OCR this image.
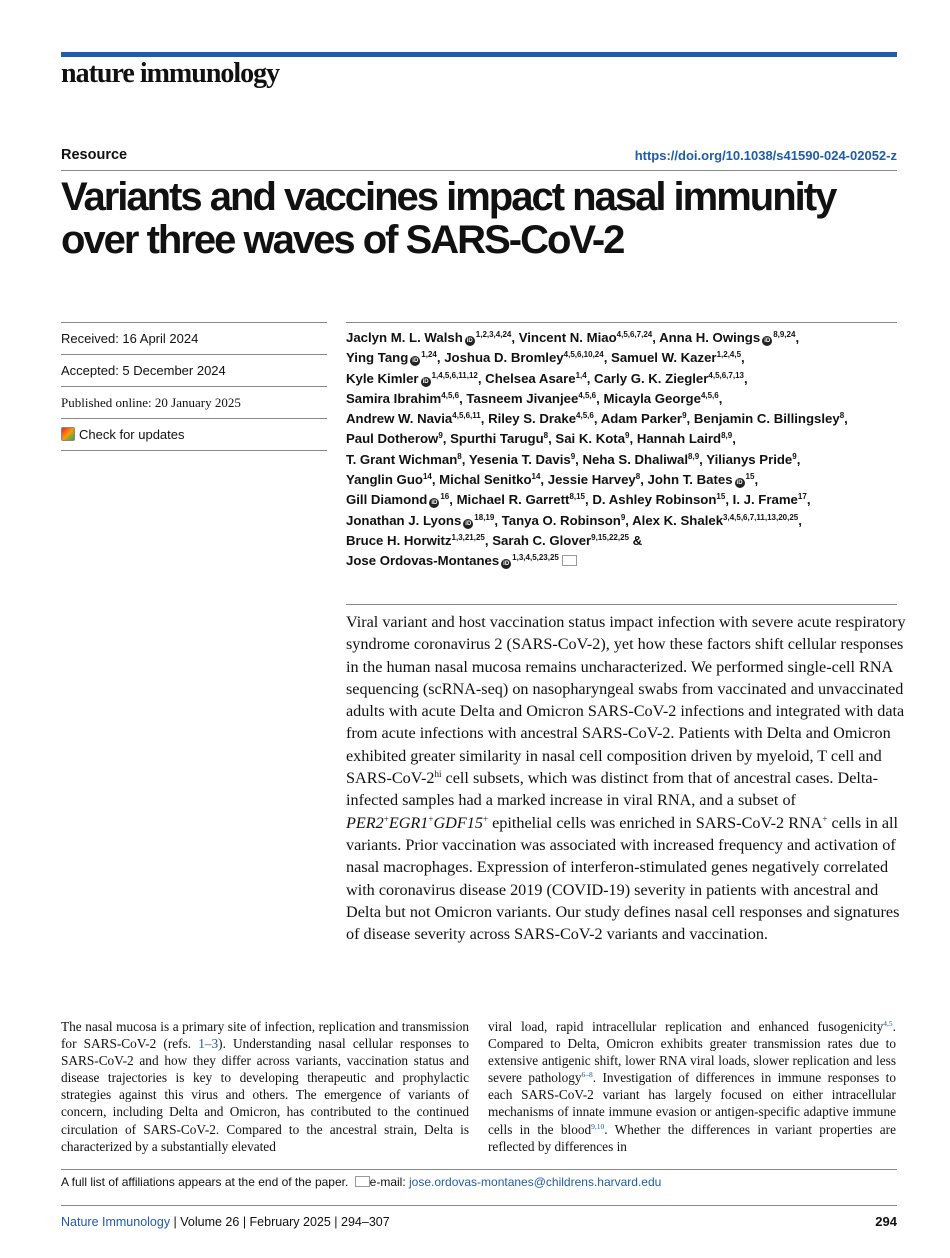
nature immunology
Resource	https://doi.org/10.1038/s41590-024-02052-z
Variants and vaccines impact nasal immunity
over three waves of SARS-CoV-2
Received: 16 April 2024
Accepted: 5 December 2024
Published online: 20 January 2025
Check for updates
Jaclyn M. L. Walsh iD$^{1,2,3,4,24}$, Vincent N. Miao$^{4,5,6,7,24}$, Anna H. Owings iD$^{8,9,24}$,
Ying Tang iD$^{1,24}$, Joshua D. Bromley$^{4,5,6,10,24}$, Samuel W. Kazer$^{1,2,4,5}$,
Kyle Kimler iD$^{1,4,5,6,11,12}$, Chelsea Asare$^{1,4}$, Carly G. K. Ziegler$^{4,5,6,7,13}$,
Samira Ibrahim$^{4,5,6}$, Tasneem Jivanjee$^{4,5,6}$, Micayla George$^{4,5,6}$,
Andrew W. Navia$^{4,5,6,11}$, Riley S. Drake$^{4,5,6}$, Adam Parker$^9$, Benjamin C. Billingsley$^8$,
Paul Dotherow$^9$, Spurthi Tarugu$^8$, Sai K. Kota$^9$, Hannah Laird$^{8,9}$,
T. Grant Wichman$^8$, Yesenia T. Davis$^9$, Neha S. Dhaliwal$^{8,9}$, Yilianys Pride$^9$,
Yanglin Guo$^{14}$, Michal Senitko$^{14}$, Jessie Harvey$^8$, John T. Bates $iD^{15}$,
Gill Diamond $iD^{16}$, Michael R. Garrett$^{8,15}$, D. Ashley Robinson$^{15}$, I. J. Frame$^{17}$,
Jonathan J. Lyons iD$^{18,19}$, Tanya O. Robinson$^9$, Alex K. Shalek$^{3,4,5,6,7,11,13,20,25}$,
Bruce H. Horwitz$^{1,3,21,25}$, Sarah C. Glover$^{9,15,22,25}$ &
Jose Ordovas-Montanes iD$^{1,3,4,5,23,25}$

Viral variant and host vaccination status impact infection with severe acute respiratory syndrome coronavirus 2 (SARS-CoV-2), yet how these factors shift cellular responses in the human nasal mucosa remains uncharacterized. We performed single-cell RNA sequencing (scRNA-seq) on nasopharyngeal swabs from vaccinated and unvaccinated adults with acute Delta and Omicron SARS-CoV-2 infections and integrated with data from acute infections with ancestral SARS-CoV-2. Patients with Delta and Omicron exhibited greater similarity in nasal cell composition driven by myeloid, T cell and SARS-$CoV-2^{hi}$ cell subsets, which was distinct from that of ancestral cases. Delta-infected samples had a marked increase in viral RNA, and a subset of PER2+EGR1+GDF15+ epithelial cells was enriched in SARS-CoV-2 RNA+ cells in all variants. Prior vaccination was associated with increased frequency and activation of nasal macrophages. Expression of interferon-stimulated genes negatively correlated with coronavirus disease 2019 (COVID-19) severity in patients with ancestral and Delta but not Omicron variants. Our study defines nasal cell responses and signatures of disease severity across SARS-CoV-2 variants and vaccination.

The nasal mucosa is a primary site of infection, replication and transmission for SARS-CoV-2 (refs. 1–3). Understanding nasal cellular responses to SARS-CoV-2 and how they differ across variants, vaccination status and disease trajectories is key to developing therapeutic and prophylactic strategies against this virus and others. The emergence of variants of concern, including Delta and Omicron, has contributed to the continued circulation of SARS-CoV-2. Compared to the ancestral strain, Delta is characterized by a substantially elevated

viral load, rapid intracellular replication and enhanced fusogenicity$^{4,5}$. Compared to Delta, Omicron exhibits greater transmission rates due to extensive antigenic shift, lower RNA viral loads, slower replication and less severe pathology$^{6-8}$. Investigation of differences in immune responses to each SARS-CoV-2 variant has largely focused on either intracellular mechanisms of innate immune evasion or antigen-specific adaptive immune cells in the blood$^{9,10}$. Whether the differences in variant properties are reflected by differences in

A full list of affiliations appears at the end of the paper. e-mail: jose.ordovas-montanes@childrens.harvard.edu
Nature Immunology | Volume 26 | February 2025 | 294–307	294
